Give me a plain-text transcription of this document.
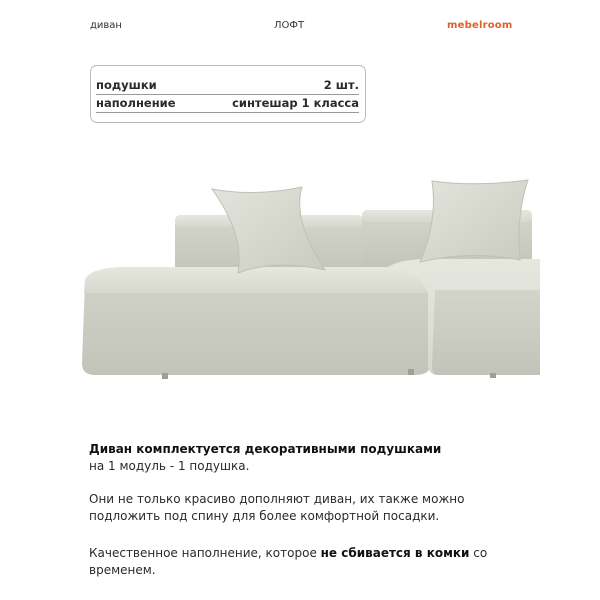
диван	ЛОФТ	mebelroom
подушки	2 шт.
наполнение	синтешар 1 класса
Диван комплектуется декоративными подушками
на 1 модуль - 1 подушка.
Они не только красиво дополняют диван, их также можно подложить под спину для более комфортной посадки.
Качественное наполнение, которое не сбивается в комки со временем.
